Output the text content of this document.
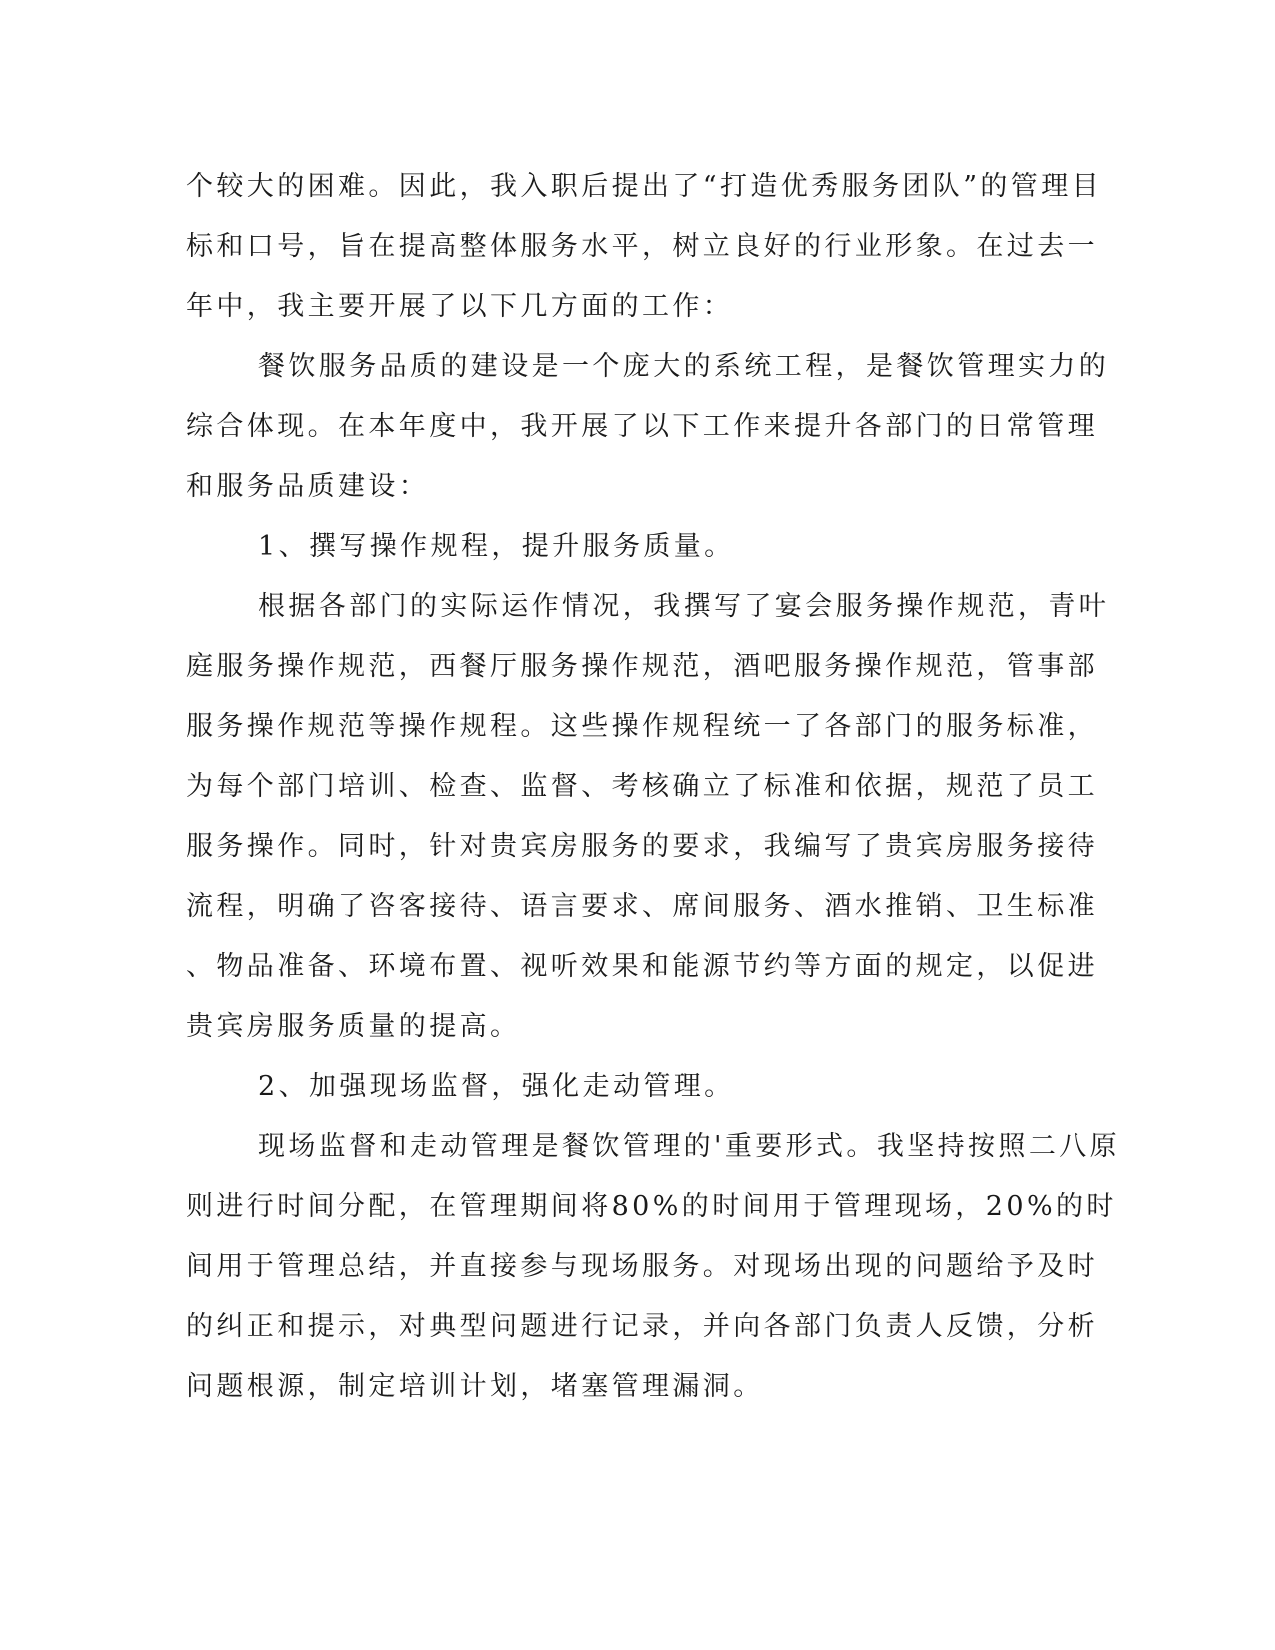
个较大的困难。因此，我入职后提出了“打造优秀服务团队”的管理目
标和口号，旨在提高整体服务水平，树立良好的行业形象。在过去一
年中，我主要开展了以下几方面的工作：
餐饮服务品质的建设是一个庞大的系统工程，是餐饮管理实力的
综合体现。在本年度中，我开展了以下工作来提升各部门的日常管理
和服务品质建设：
1、撰写操作规程，提升服务质量。
根据各部门的实际运作情况，我撰写了宴会服务操作规范，青叶
庭服务操作规范，西餐厅服务操作规范，酒吧服务操作规范，管事部
服务操作规范等操作规程。这些操作规程统一了各部门的服务标准，
为每个部门培训、检查、监督、考核确立了标准和依据，规范了员工
服务操作。同时，针对贵宾房服务的要求，我编写了贵宾房服务接待
流程，明确了咨客接待、语言要求、席间服务、酒水推销、卫生标准
、物品准备、环境布置、视听效果和能源节约等方面的规定，以促进
贵宾房服务质量的提高。
2、加强现场监督，强化走动管理。
现场监督和走动管理是餐饮管理的'重要形式。我坚持按照二八原
则进行时间分配，在管理期间将80%的时间用于管理现场，20%的时
间用于管理总结，并直接参与现场服务。对现场出现的问题给予及时
的纠正和提示，对典型问题进行记录，并向各部门负责人反馈，分析
问题根源，制定培训计划，堵塞管理漏洞。
